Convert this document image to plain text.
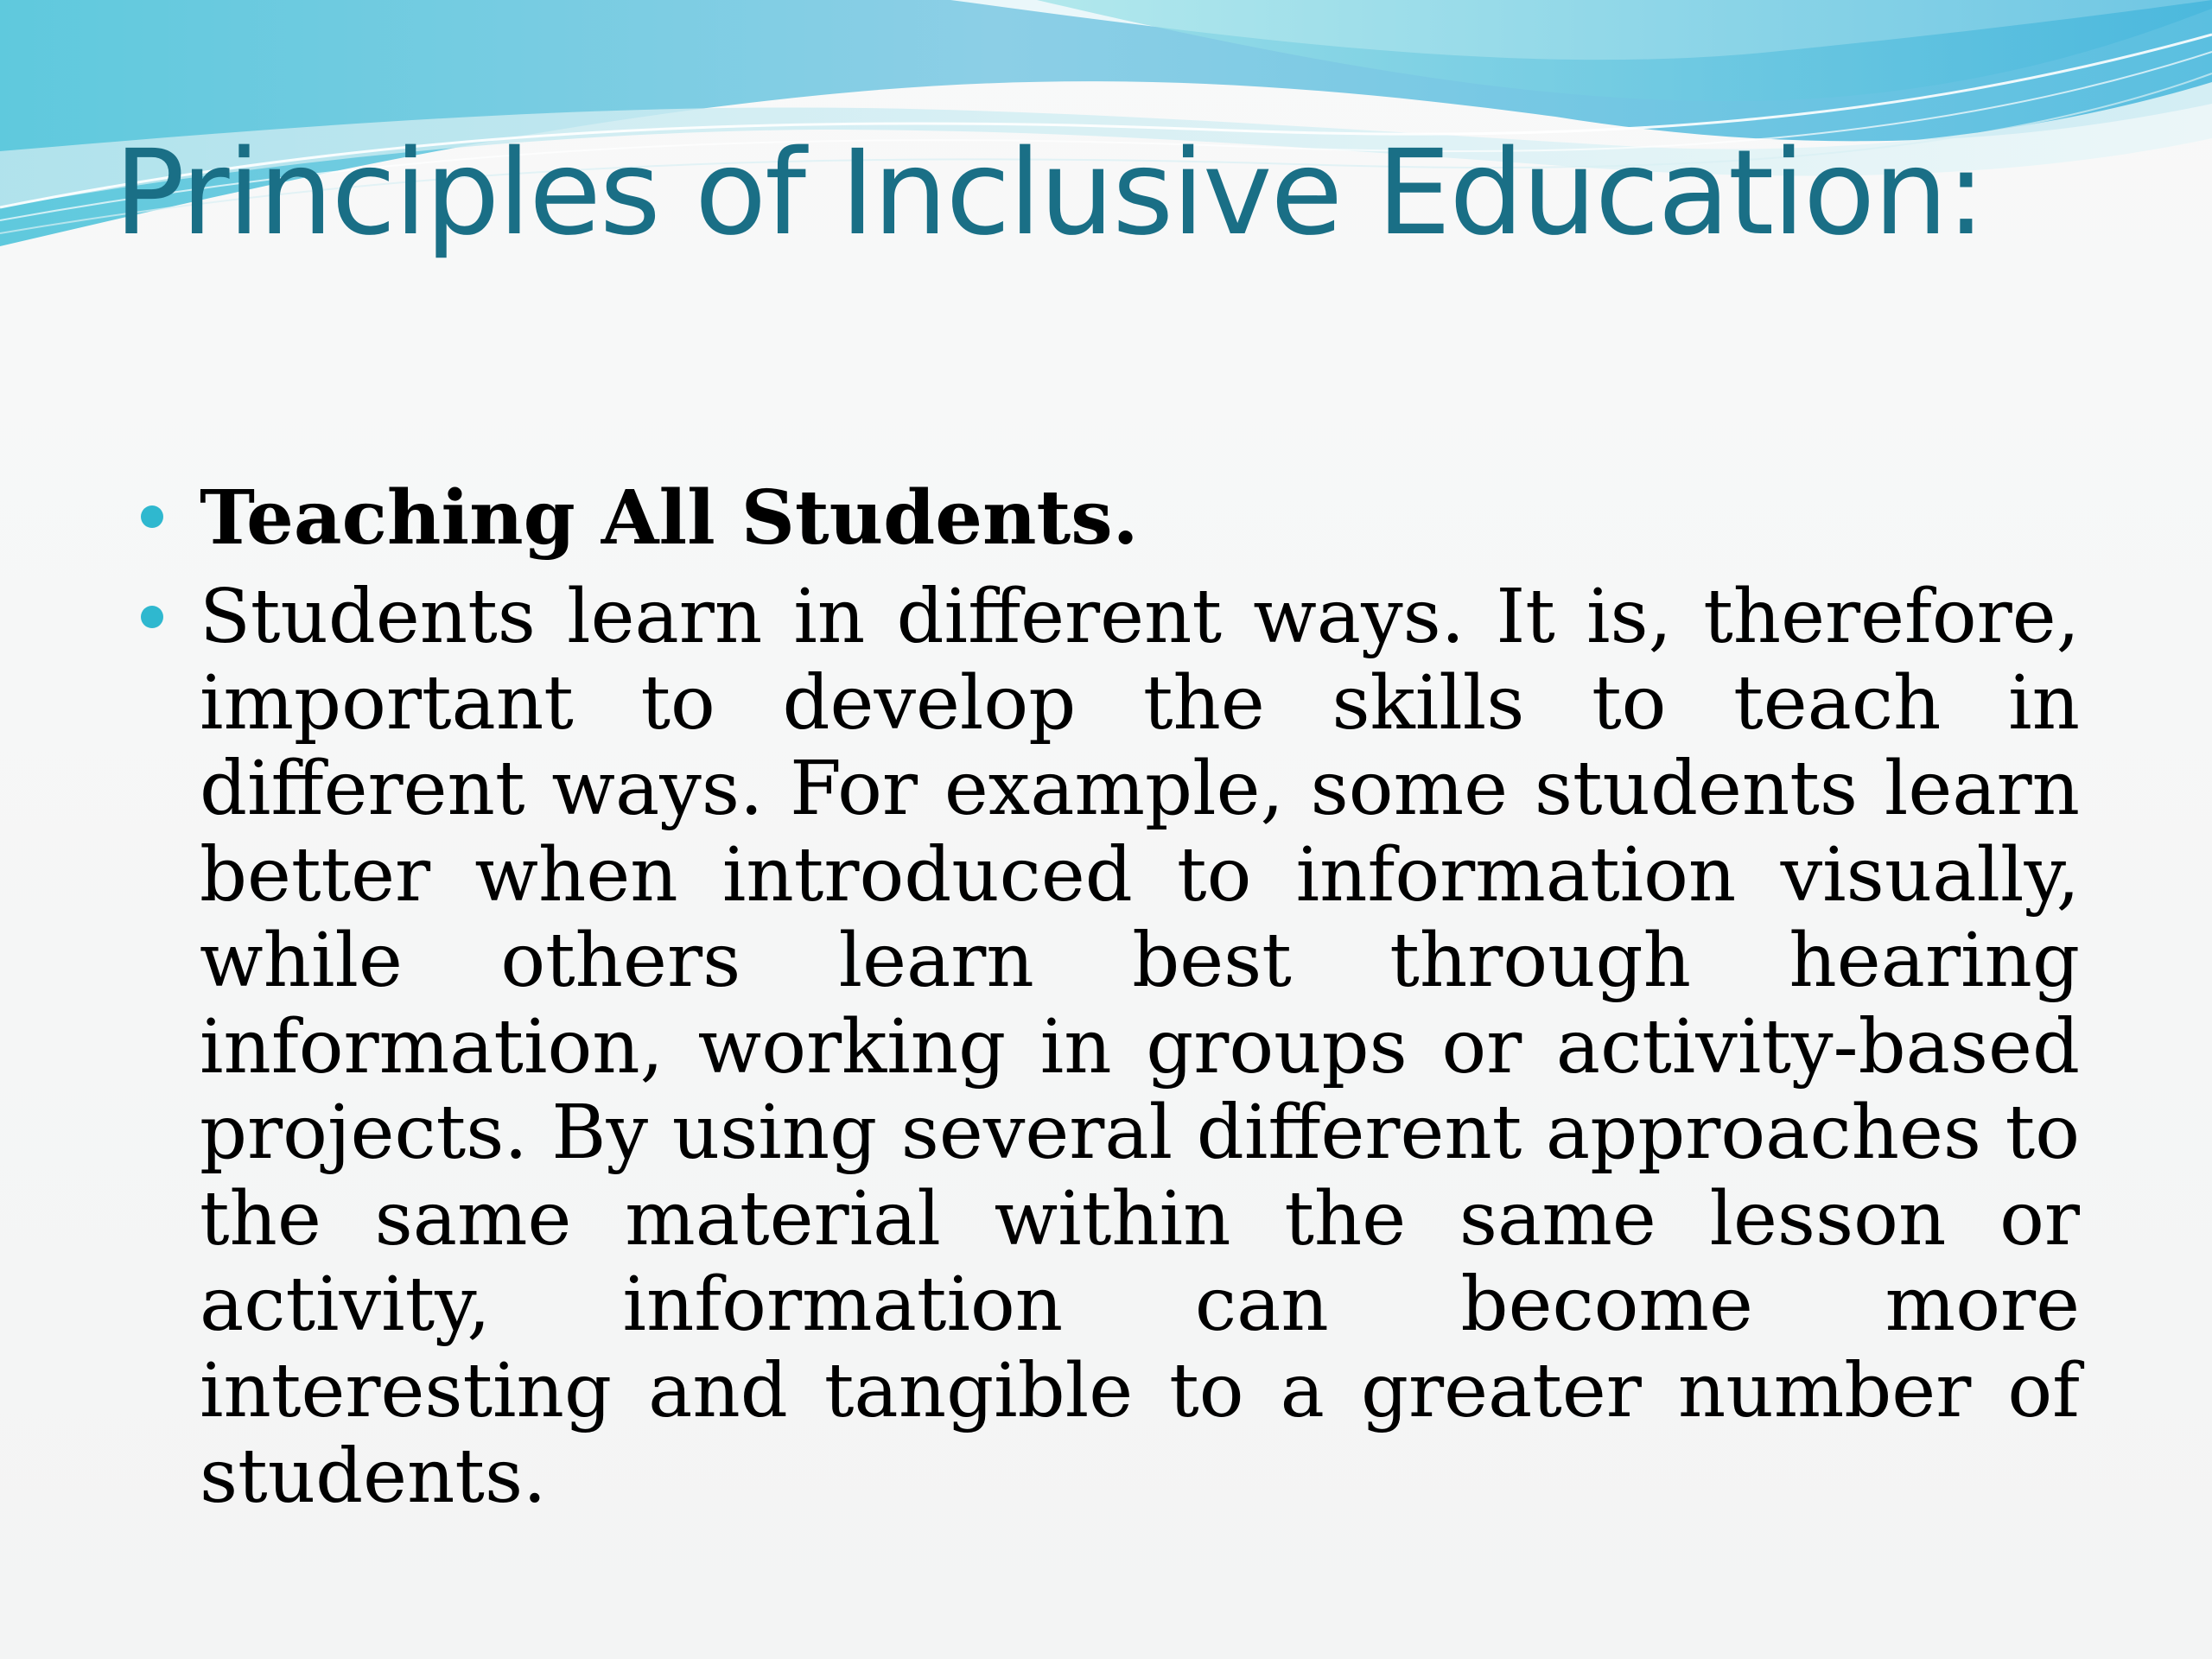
Principles of Inclusive Education:
Teaching All Students.
Students learn in different ways. It is, therefore, important to develop the skills to teach in different ways. For example, some students learn better when introduced to information visually, while others learn best through hearing information, working in groups or activity-based projects. By using several different approaches to the same material within the same lesson or activity, information can become more interesting and tangible to a greater number of students.
